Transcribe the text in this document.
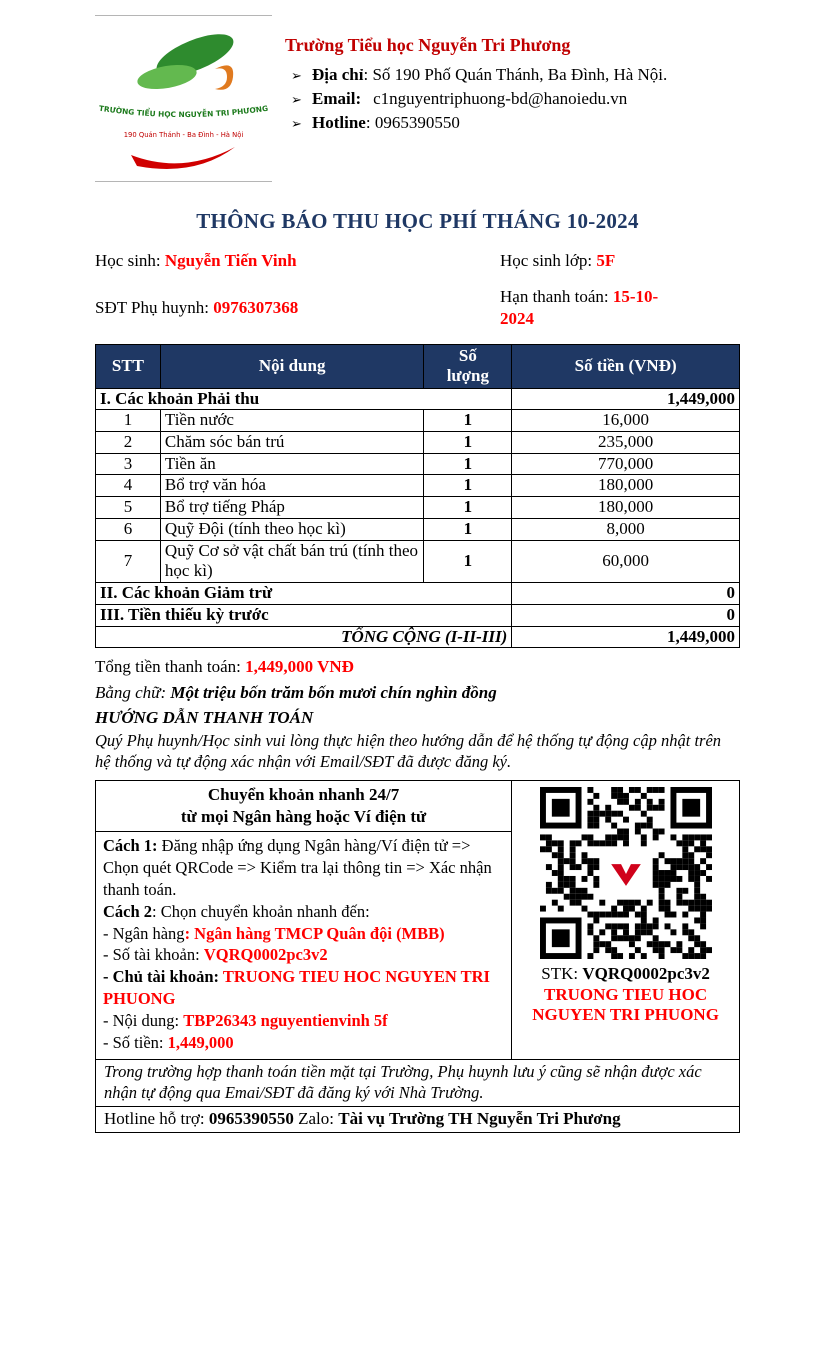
TRƯỜNG TIỂU HỌC NGUYỄN TRI PHƯƠNG
190 Quán Thánh - Ba Đình - Hà Nội
Trường Tiểu học Nguyễn Tri Phương
➢ Địa chỉ: Số 190 Phố Quán Thánh, Ba Đình, Hà Nội.
➢ Email: c1nguyentriphuong-bd@hanoiedu.vn
➢ Hotline: 0965390550
THÔNG BÁO THU HỌC PHÍ THÁNG 10-2024
Học sinh: Nguyễn Tiến Vinh	Học sinh lớp: 5F
SĐT Phụ huynh: 0976307368
Hạn thanh toán: 15-10-2024
STT	Nội dung	Số lượng	Số tiền (VNĐ)
I. Các khoản Phải thu			1,449,000
1	Tiền nước	1	16,000
2	Chăm sóc bán trú	1	235,000
3	Tiền ăn	1	770,000
4	Bổ trợ văn hóa	1	180,000
5	Bổ trợ tiếng Pháp	1	180,000
6	Quỹ Đội (tính theo học kì)	1	8,000
7	Quỹ Cơ sở vật chất bán trú (tính theo học kì)	1	60,000
II. Các khoản Giảm trừ			0
III. Tiền thiếu kỳ trước			0
TỔNG CỘNG (I-II-III)			1,449,000
Tổng tiền thanh toán: 1,449,000 VNĐ
Bằng chữ: Một triệu bốn trăm bốn mươi chín nghìn đồng
HƯỚNG DẪN THANH TOÁN
Quý Phụ huynh/Học sinh vui lòng thực hiện theo hướng dẫn để hệ thống tự động cập nhật trên hệ thống và tự động xác nhận với Email/SĐT đã được đăng ký.
Chuyển khoản nhanh 24/7
từ mọi Ngân hàng hoặc Ví điện tử

STK: VQRQ0002pc3v2
TRUONG TIEU HOC NGUYEN TRI PHUONG

Cách 1: Đăng nhập ứng dụng Ngân hàng/Ví điện tử => Chọn quét QRCode => Kiểm tra lại thông tin => Xác nhận thanh toán.
Cách 2: Chọn chuyển khoản nhanh đến:
- Ngân hàng: Ngân hàng TMCP Quân đội (MBB)
- Số tài khoản: VQRQ0002pc3v2
- Chủ tài khoản: TRUONG TIEU HOC NGUYEN TRI PHUONG
- Nội dung: TBP26343 nguyentienvinh 5f
- Số tiền: 1,449,000

Trong trường hợp thanh toán tiền mặt tại Trường, Phụ huynh lưu ý cũng sẽ nhận được xác nhận tự động qua Emai/SĐT đã đăng ký với Nhà Trường.
Hotline hỗ trợ: 0965390550 Zalo: Tài vụ Trường TH Nguyễn Tri Phương
